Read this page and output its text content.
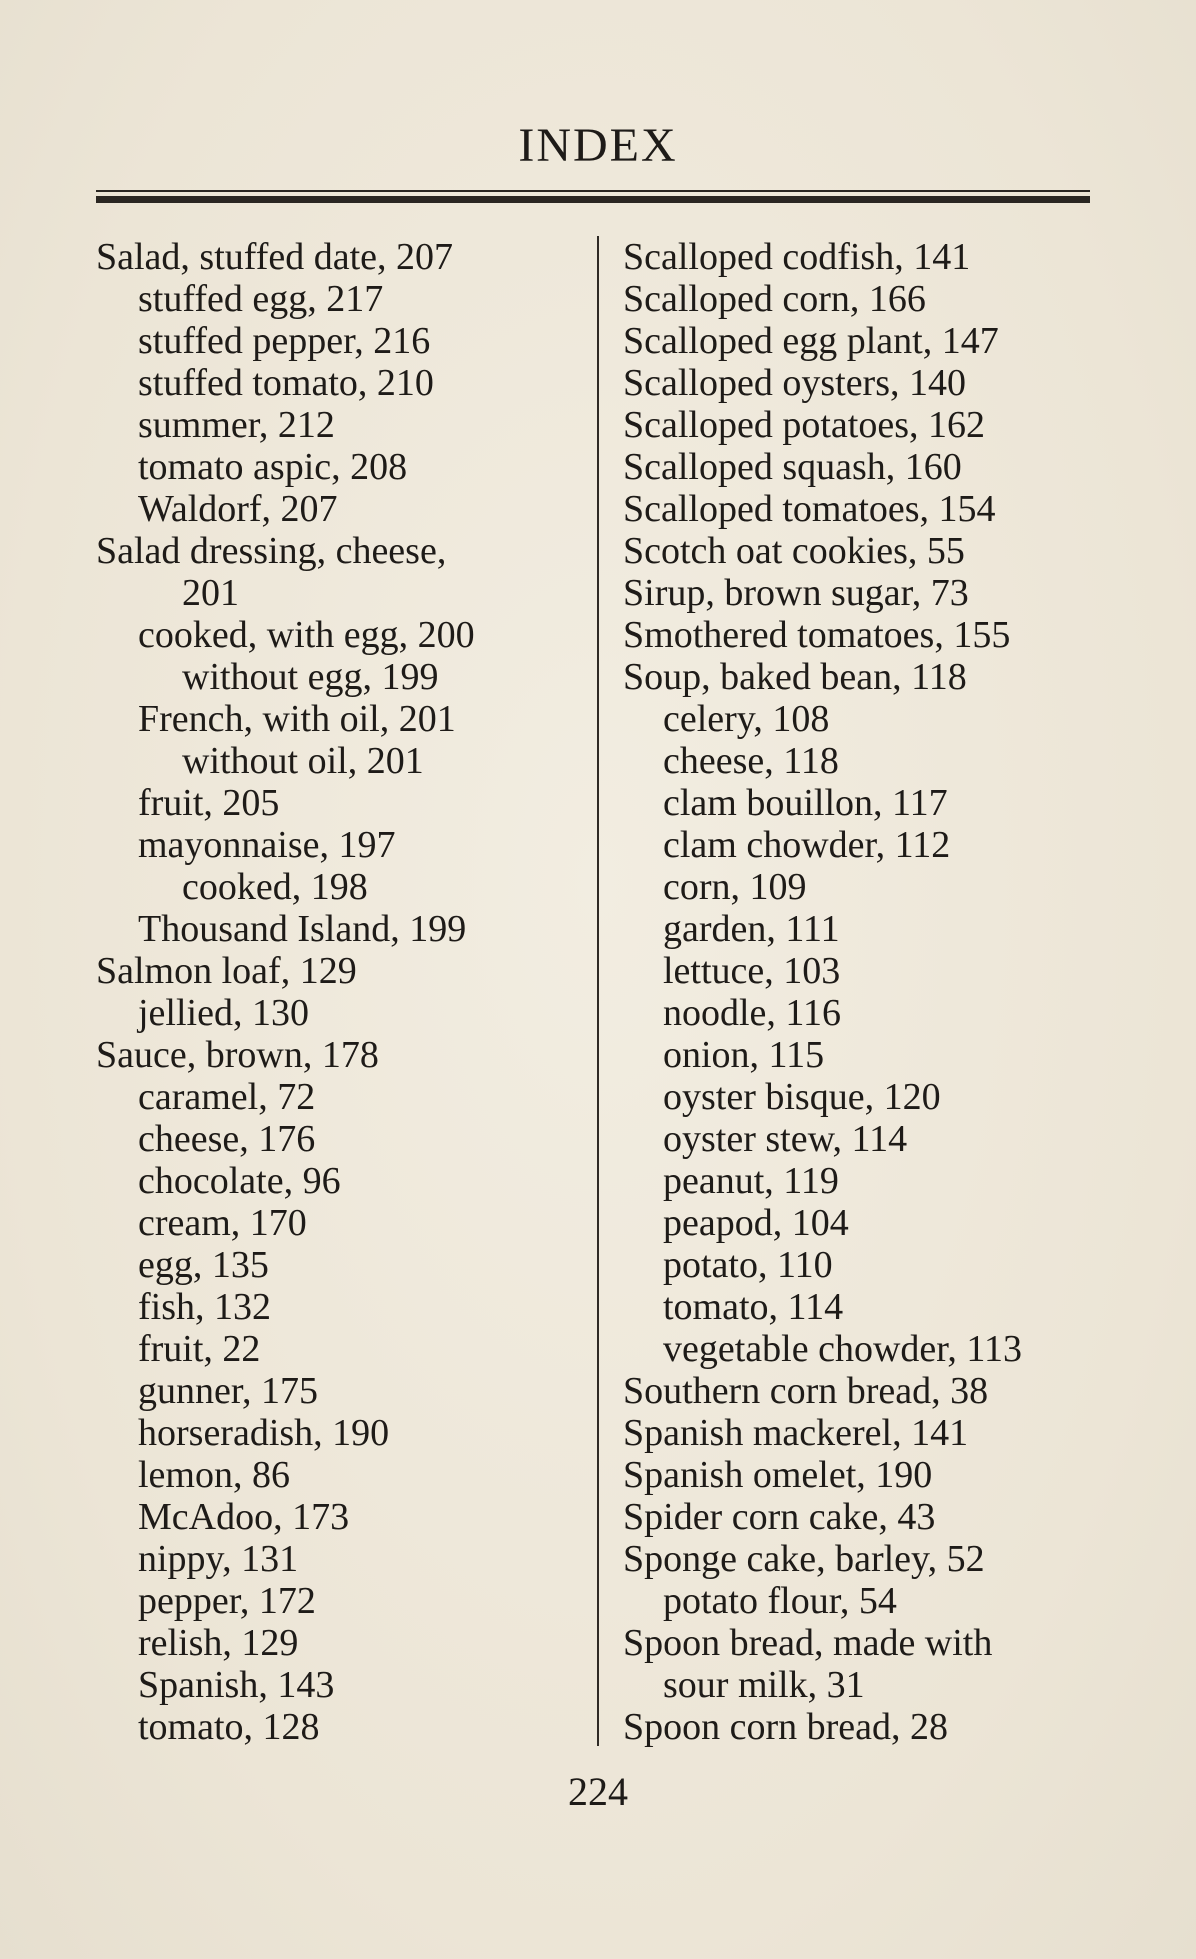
INDEX
Salad, stuffed date, 207
stuffed egg, 217
stuffed pepper, 216
stuffed tomato, 210
summer, 212
tomato aspic, 208
Waldorf, 207
Salad dressing, cheese,
201
cooked, with egg, 200
without egg, 199
French, with oil, 201
without oil, 201
fruit, 205
mayonnaise, 197
cooked, 198
Thousand Island, 199
Salmon loaf, 129
jellied, 130
Sauce, brown, 178
caramel, 72
cheese, 176
chocolate, 96
cream, 170
egg, 135
fish, 132
fruit, 22
gunner, 175
horseradish, 190
lemon, 86
McAdoo, 173
nippy, 131
pepper, 172
relish, 129
Spanish, 143
tomato, 128
Scalloped codfish, 141
Scalloped corn, 166
Scalloped egg plant, 147
Scalloped oysters, 140
Scalloped potatoes, 162
Scalloped squash, 160
Scalloped tomatoes, 154
Scotch oat cookies, 55
Sirup, brown sugar, 73
Smothered tomatoes, 155
Soup, baked bean, 118
celery, 108
cheese, 118
clam bouillon, 117
clam chowder, 112
corn, 109
garden, 111
lettuce, 103
noodle, 116
onion, 115
oyster bisque, 120
oyster stew, 114
peanut, 119
peapod, 104
potato, 110
tomato, 114
vegetable chowder, 113
Southern corn bread, 38
Spanish mackerel, 141
Spanish omelet, 190
Spider corn cake, 43
Sponge cake, barley, 52
potato flour, 54
Spoon bread, made with
sour milk, 31
Spoon corn bread, 28
224
